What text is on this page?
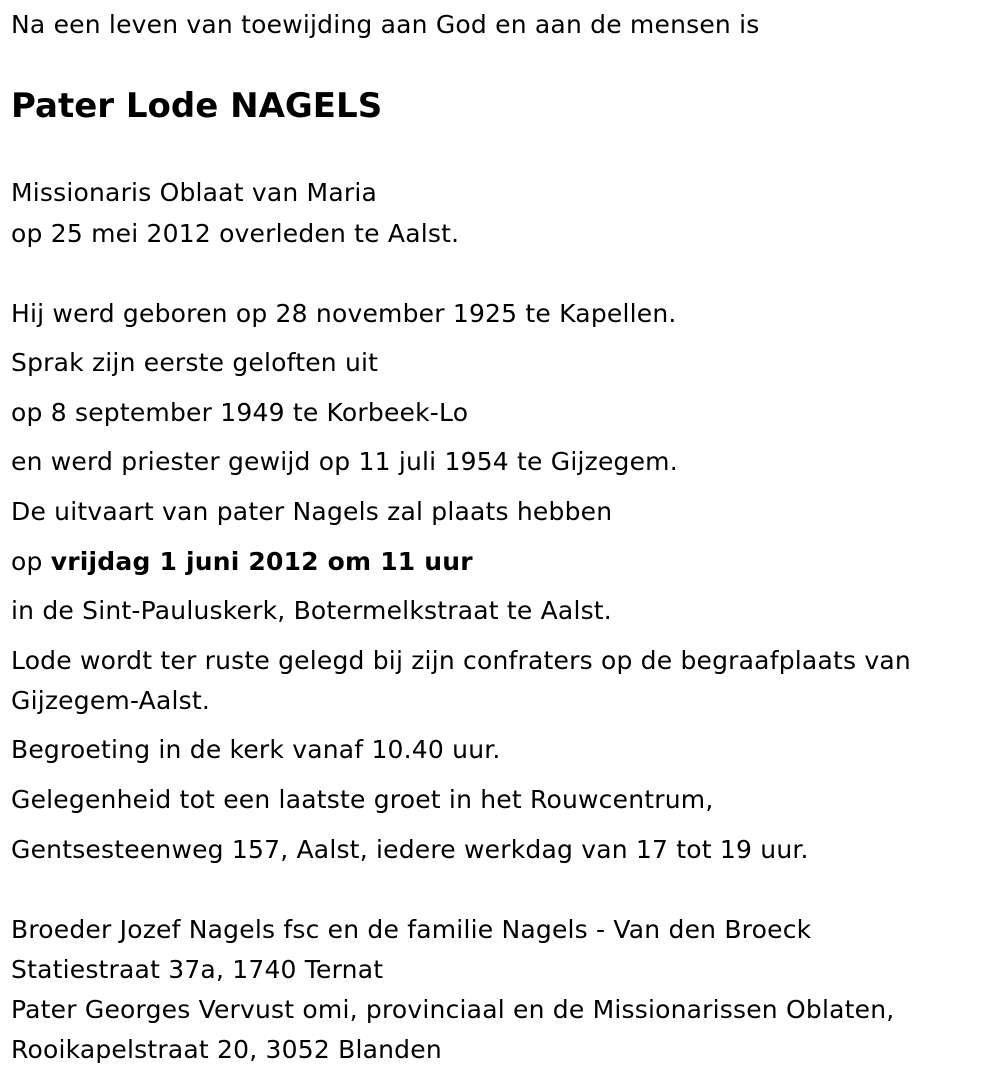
Na een leven van toewijding aan God en aan de mensen is
Pater Lode NAGELS
Missionaris Oblaat van Maria
op 25 mei 2012 overleden te Aalst.
Hij werd geboren op 28 november 1925 te Kapellen.
Sprak zijn eerste geloften uit
op 8 september 1949 te Korbeek-Lo
en werd priester gewijd op 11 juli 1954 te Gijzegem.
De uitvaart van pater Nagels zal plaats hebben
op vrijdag 1 juni 2012 om 11 uur
in de Sint-Pauluskerk, Botermelkstraat te Aalst.
Lode wordt ter ruste gelegd bij zijn confraters op de begraafplaats van
Gijzegem-Aalst.
Begroeting in de kerk vanaf 10.40 uur.
Gelegenheid tot een laatste groet in het Rouwcentrum,
Gentsesteenweg 157, Aalst, iedere werkdag van 17 tot 19 uur.
Broeder Jozef Nagels fsc en de familie Nagels - Van den Broeck
Statiestraat 37a, 1740 Ternat
Pater Georges Vervust omi, provinciaal en de Missionarissen Oblaten,
Rooikapelstraat 20, 3052 Blanden
